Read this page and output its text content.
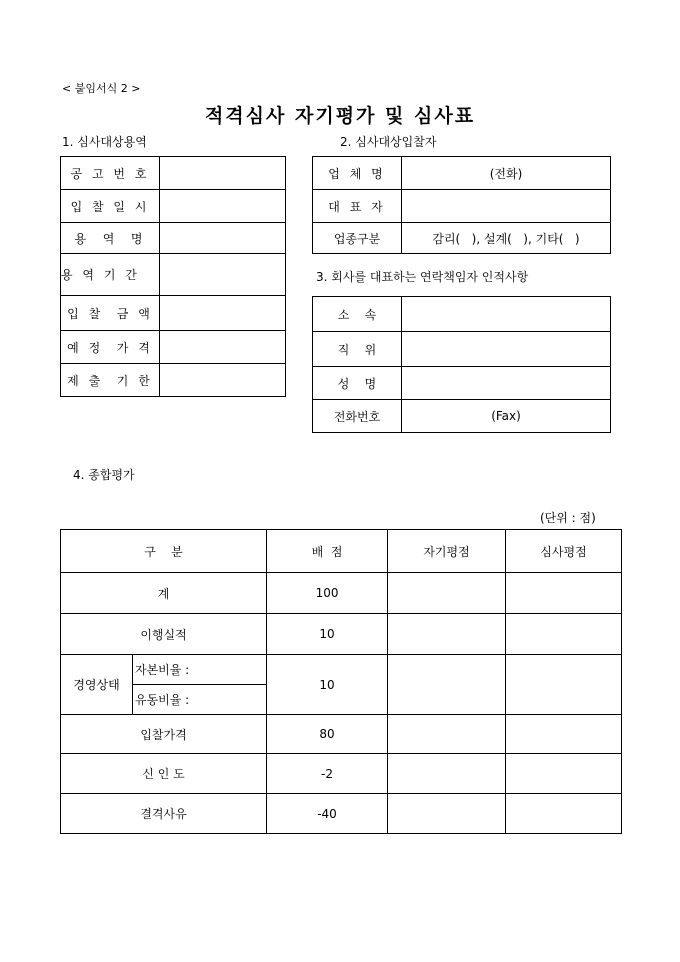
< 붙임서식 2 >
적격심사 자기평가 및 심사표
1. 심사대상용역
공 고 번 호	
입 찰 일 시	
용  역  명	
용 역 기 간	
입 찰  금 액	
예 정  가 격	
제 출  기 한	
2. 심사대상입찰자
업 체 명	(전화)
대 표 자	
업종구분	감리(   ), 설계(   ), 기타(   )
3. 회사를 대표하는 연락책임자 인적사항
소    속	
직    위	
성    명	
전화번호	(Fax)
4. 종합평가
(단위 : 점)
구    분		배  점	자기평점	심사평점
계		100		
이행실적		10		
경영상태	자본비율 :	10		
	유동비율 :			
입찰가격		80		
신 인 도		-2		
결격사유		-40		
